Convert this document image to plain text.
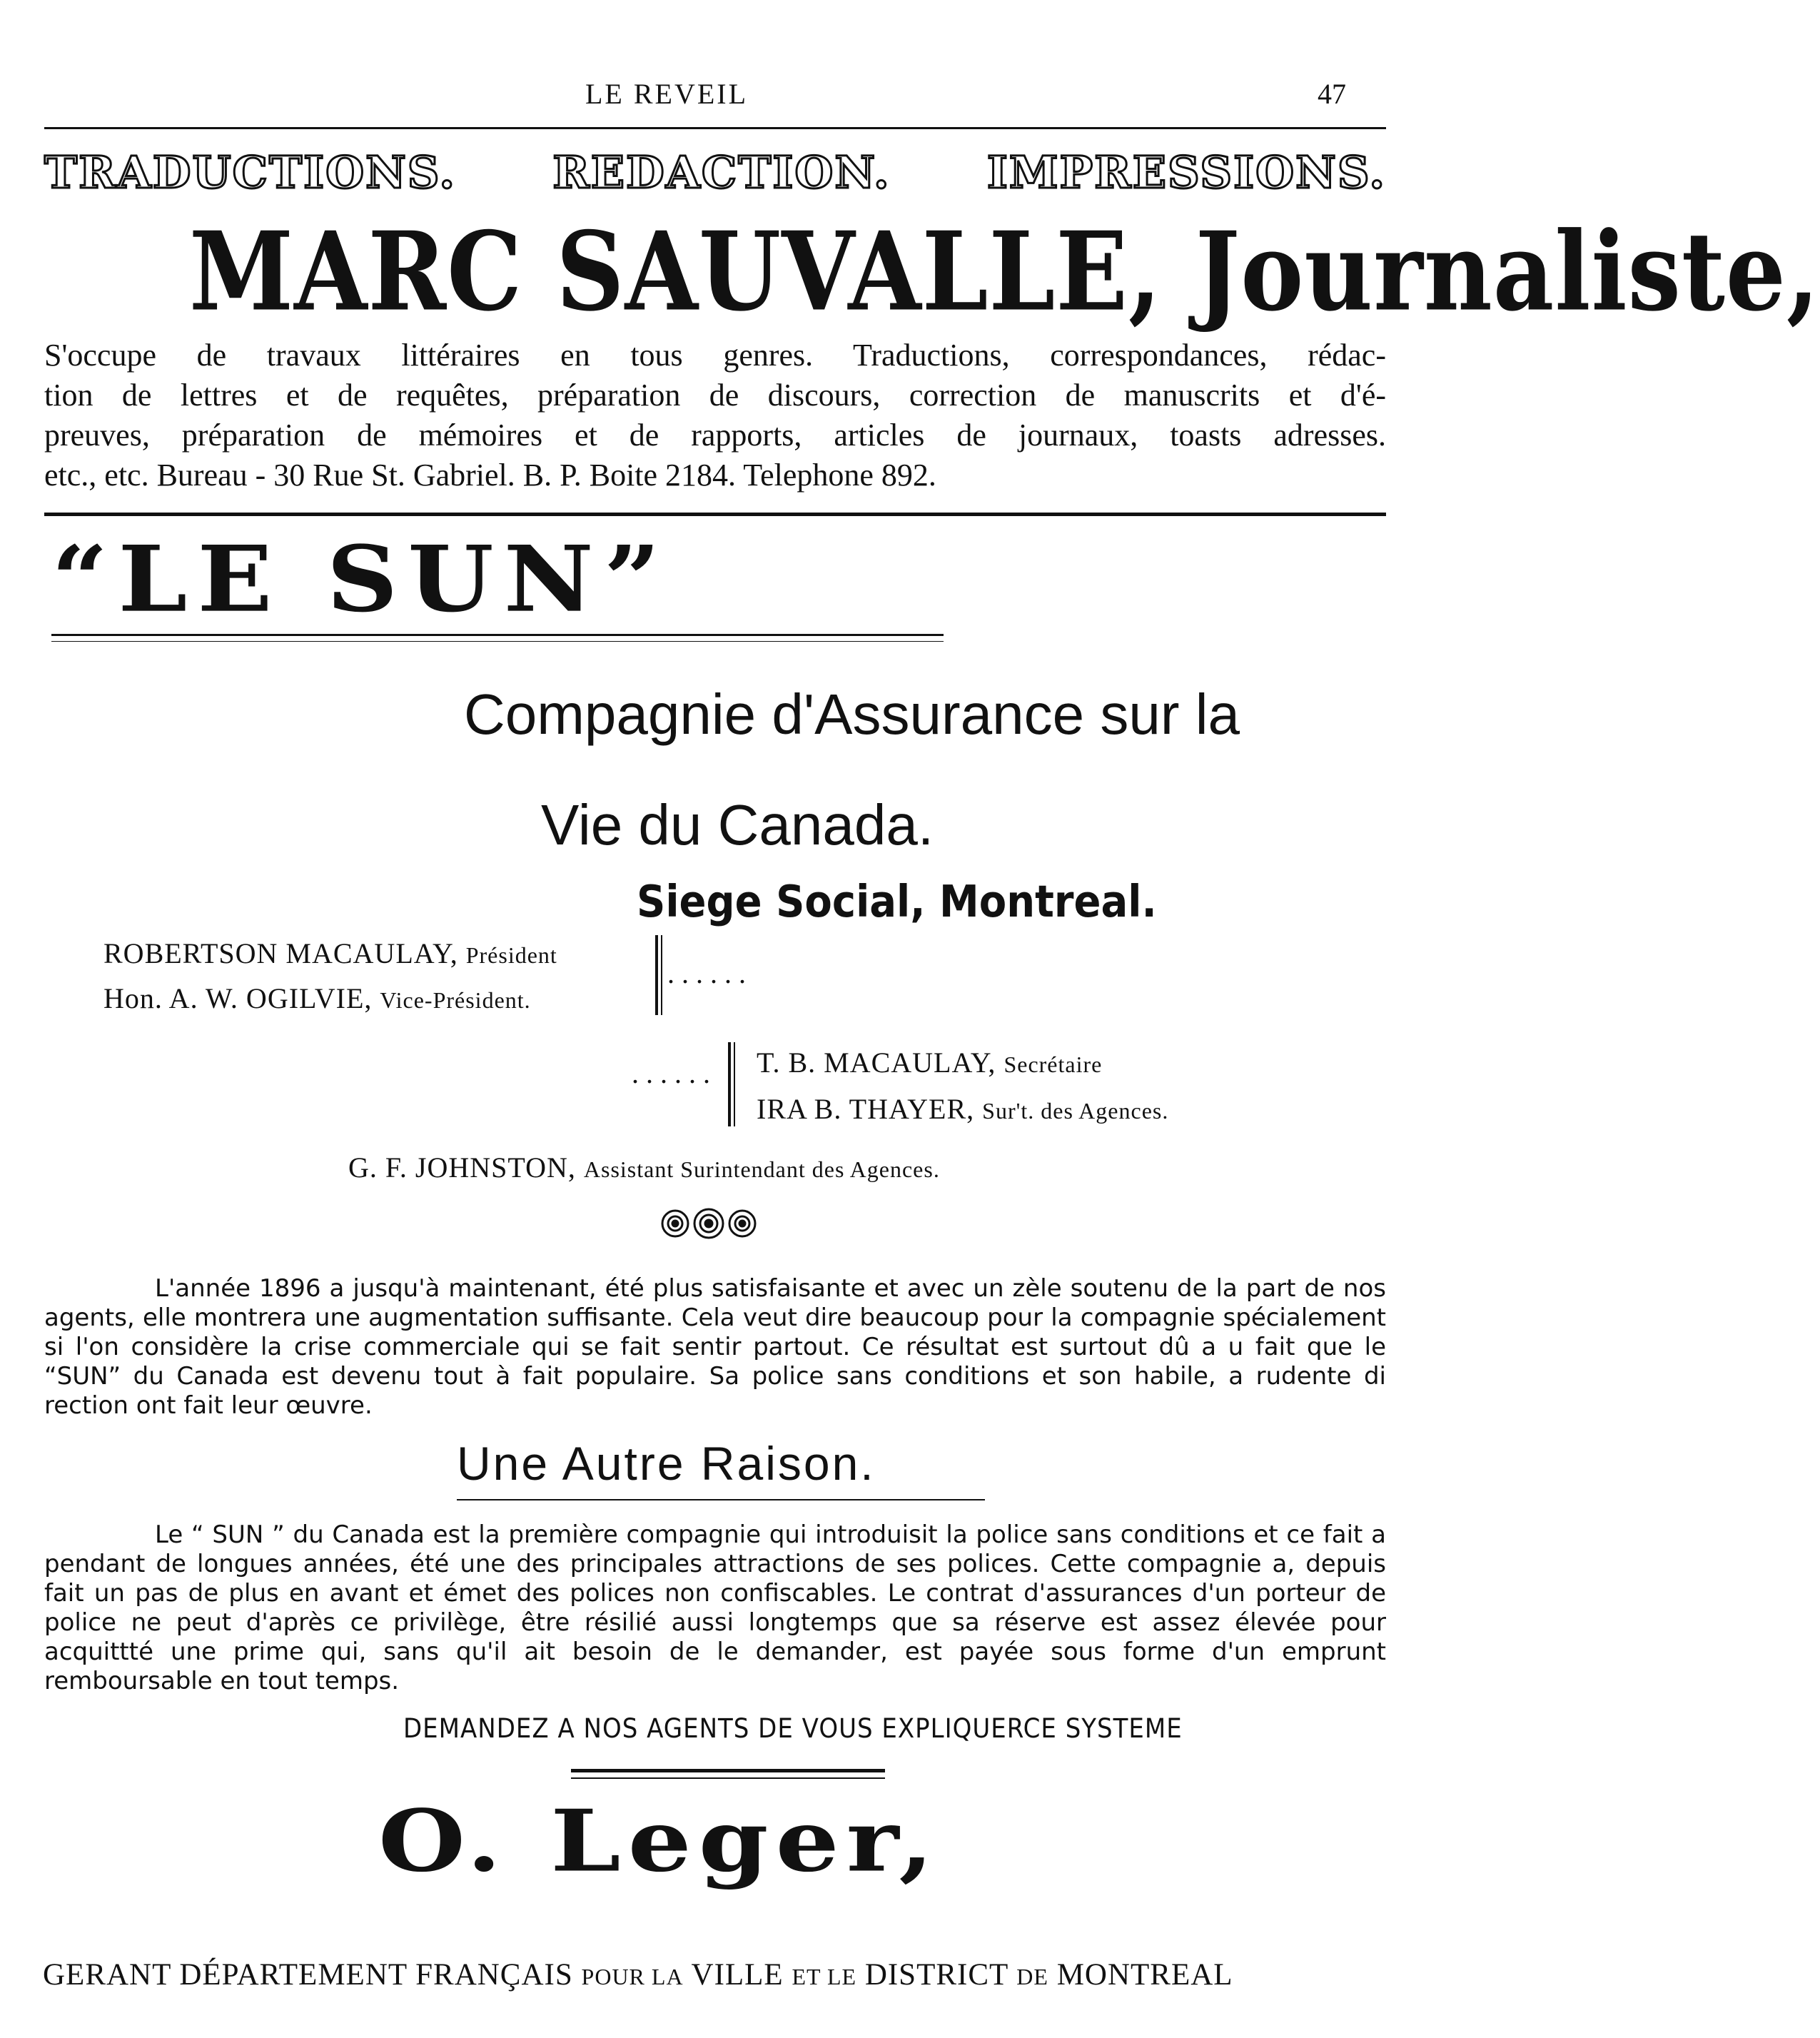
LE REVEIL	47
TRADUCTIONS. REDACTION. IMPRESSIONS.
MARC SAUVALLE, Journaliste,

S'occupe de travaux littéraires en tous genres. Traductions, correspondances, rédac-

tion de lettres et de requêtes, préparation de discours, correction de manuscrits et d'é-

preuves, préparation de mémoires et de rapports, articles de journaux, toasts adresses.

etc., etc. Bureau - 30 Rue St. Gabriel. B. P. Boite 2184. Telephone 892.

“LE SUN”
Compagnie d'Assurance sur la
Vie du Canada.
Siege Social, Montreal.
ROBERTSON MACAULAY, Président
Hon. A. W. OGILVIE, Vice-Président.
......
...... T. B. MACAULAY, Secrétaire
IRA B. THAYER, Sur't. des Agences.
G. F. JOHNSTON, Assistant Surintendant des Agences.

L'année 1896 a jusqu'à maintenant, été plus satisfaisante et avec un zèle soutenu de la part de nos agents, elle montrera une augmentation suffisante. Cela veut dire beaucoup pour la compagnie spécialement si l'on considère la crise commerciale qui se fait sentir partout. Ce résultat est surtout dû a u fait que le “SUN” du Canada est devenu tout à fait populaire. Sa police sans conditions et son habile, a rudente di rection ont fait leur œuvre.

Une Autre Raison.

Le “ SUN ” du Canada est la première compagnie qui introduisit la police sans conditions et ce fait a pendant de longues années, été une des principales attractions de ses polices. Cette compagnie a, depuis fait un pas de plus en avant et émet des polices non confiscables. Le contrat d'assurances d'un porteur de police ne peut d'après ce privilège, être résilié aussi longtemps que sa réserve est assez élevée pour acquittté une prime qui, sans qu'il ait besoin de le demander, est payée sous forme d'un emprunt remboursable en tout temps.

DEMANDEZ A NOS AGENTS DE VOUS EXPLIQUERCE SYSTEME
O. Leger,
GERANT DÉPARTEMENT FRANÇAIS POUR LA VILLE ET LE DISTRICT DE MONTREAL
